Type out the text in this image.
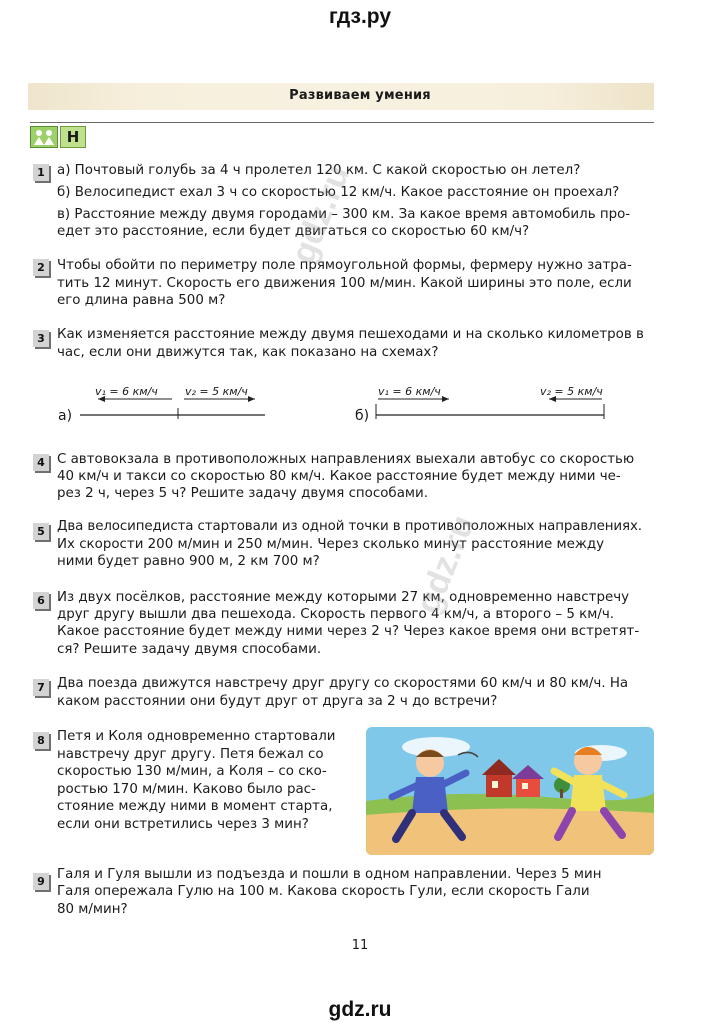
гдз.ру
Развиваем умения
Н
1 а) Почтовый голубь за 4 ч пролетел 120 км. С какой скоростью он летел?
б) Велосипедист ехал 3 ч со скоростью 12 км/ч. Какое расстояние он проехал?
в) Расстояние между двумя городами – 300 км. За какое время автомобиль про-
едет это расстояние, если будет двигаться со скоростью 60 км/ч?
2 Чтобы обойти по периметру поле прямоугольной формы, фермеру нужно затра-
тить 12 минут. Скорость его движения 100 м/мин. Какой ширины это поле, если
его длина равна 500 м?
3 Как изменяется расстояние между двумя пешеходами и на сколько километров в
час, если они движутся так, как показано на схемах?
а)
v₁ = 6 км/ч v₂ = 5 км/ч
б)
v₁ = 6 км/ч	v₂ = 5 км/ч
4 С автовокзала в противоположных направлениях выехали автобус со скоростью
40 км/ч и такси со скоростью 80 км/ч. Какое расстояние будет между ними че-
рез 2 ч, через 5 ч? Решите задачу двумя способами.
5 Два велосипедиста стартовали из одной точки в противоположных направлениях.
Их скорости 200 м/мин и 250 м/мин. Через сколько минут расстояние между
ними будет равно 900 м, 2 км 700 м?
6 Из двух посёлков, расстояние между которыми 27 км, одновременно навстречу
друг другу вышли два пешехода. Скорость первого 4 км/ч, а второго – 5 км/ч.
Какое расстояние будет между ними через 2 ч? Через какое время они встретят-
ся? Решите задачу двумя способами.
7 Два поезда движутся навстречу друг другу со скоростями 60 км/ч и 80 км/ч. На
каком расстоянии они будут друг от друга за 2 ч до встречи?
8 Петя и Коля одновременно стартовали
навстречу друг другу. Петя бежал со
скоростью 130 м/мин, а Коля – со ско-
ростью 170 м/мин. Каково было рас-
стояние между ними в момент старта,
если они встретились через 3 мин?
9 Галя и Гуля вышли из подъезда и пошли в одном направлении. Через 5 мин
Галя опережала Гулю на 100 м. Какова скорость Гули, если скорость Гали
80 м/мин?
11
gdz.ru
gdz.ru
gdz.ru
